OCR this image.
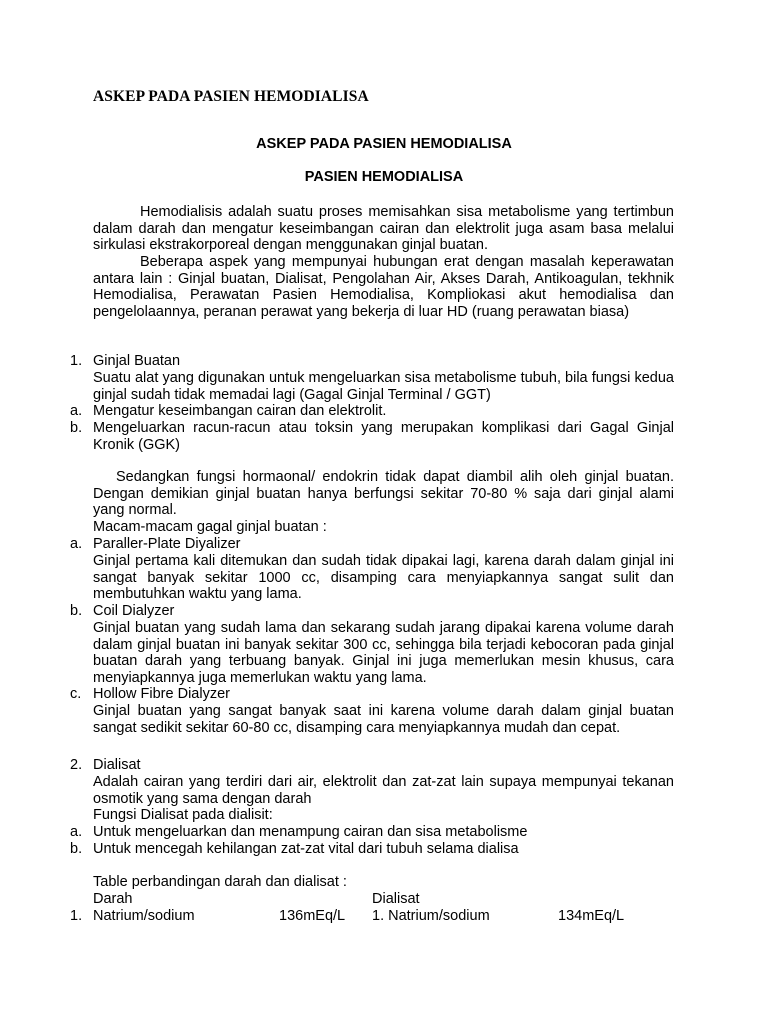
ASKEP PADA PASIEN HEMODIALISA
ASKEP PADA PASIEN HEMODIALISA
PASIEN HEMODIALISA
Hemodialisis adalah suatu proses memisahkan sisa metabolisme yang tertimbun dalam darah dan mengatur keseimbangan cairan dan elektrolit juga asam basa melalui sirkulasi ekstrakorporeal dengan menggunakan ginjal buatan.
Beberapa aspek yang mempunyai hubungan erat dengan masalah keperawatan antara lain : Ginjal buatan, Dialisat, Pengolahan Air, Akses Darah, Antikoagulan, tekhnik Hemodialisa, Perawatan Pasien Hemodialisa, Kompliokasi akut hemodialisa dan pengelolaannya, peranan perawat yang bekerja di luar HD (ruang perawatan biasa)
1. Ginjal Buatan
Suatu alat yang digunakan untuk mengeluarkan sisa metabolisme tubuh, bila fungsi kedua ginjal sudah tidak memadai lagi (Gagal Ginjal Terminal / GGT)
a. Mengatur keseimbangan cairan dan elektrolit.
b. Mengeluarkan racun-racun atau toksin yang merupakan komplikasi dari Gagal Ginjal Kronik (GGK)
Sedangkan fungsi hormaonal/ endokrin tidak dapat diambil alih oleh ginjal buatan. Dengan demikian ginjal buatan hanya berfungsi sekitar 70-80 % saja dari ginjal alami yang normal.
Macam-macam gagal ginjal buatan :
a. Paraller-Plate Diyalizer
Ginjal pertama kali ditemukan dan sudah tidak dipakai lagi, karena darah dalam ginjal ini sangat banyak sekitar 1000 cc, disamping cara menyiapkannya sangat sulit dan membutuhkan waktu yang lama.
b. Coil Dialyzer
Ginjal buatan yang sudah lama dan sekarang sudah jarang dipakai karena volume darah dalam ginjal buatan ini banyak sekitar 300 cc, sehingga bila terjadi kebocoran pada ginjal buatan darah yang terbuang banyak. Ginjal ini juga memerlukan mesin khusus, cara menyiapkannya juga memerlukan waktu yang lama.
c. Hollow Fibre Dialyzer
Ginjal buatan yang sangat banyak saat ini karena volume darah dalam ginjal buatan sangat sedikit sekitar 60-80 cc, disamping cara menyiapkannya mudah dan cepat.
2. Dialisat
Adalah cairan yang terdiri dari air, elektrolit dan zat-zat lain supaya mempunyai tekanan osmotik yang sama dengan darah
Fungsi Dialisat pada dialisit:
a. Untuk mengeluarkan dan menampung cairan dan sisa metabolisme
b. Untuk mencegah kehilangan zat-zat vital dari tubuh selama dialisa
Table perbandingan darah dan dialisat :
Darah	Dialisat
1. Natrium/sodium	136mEq/L 1. Natrium/sodium	134mEq/L
